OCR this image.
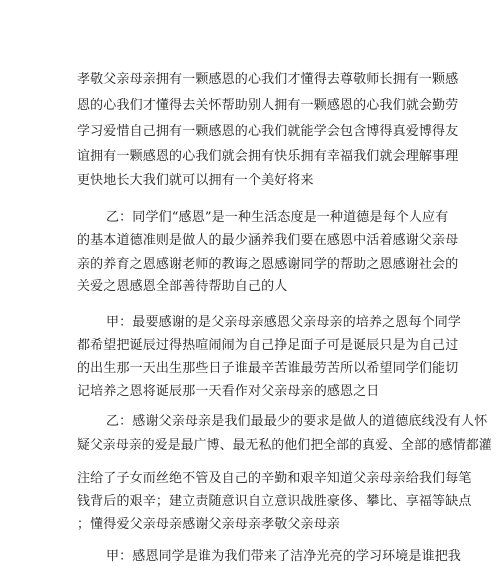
孝敬父亲母亲拥有一颗感恩的心我们才懂得去尊敬师长拥有一颗感
恩的心我们才懂得去关怀帮助别人拥有一颗感恩的心我们就会勤劳
学习爱惜自己拥有一颗感恩的心我们就能学会包含博得真爱博得友
谊拥有一颗感恩的心我们就会拥有快乐拥有幸福我们就会理解事理
更快地长大我们就可以拥有一个美好将来
乙：同学们“感恩”是一种生活态度是一种道德是每个人应有
的基本道德准则是做人的最少涵养我们要在感恩中活着感谢父亲母
亲的养育之恩感谢老师的教诲之恩感谢同学的帮助之恩感谢社会的
关爱之恩感恩全部善待帮助自己的人
甲：最要感谢的是父亲母亲感恩父亲母亲的培养之恩每个同学
都希望把诞辰过得热喧闹闹为自己挣足面子可是诞辰只是为自己过
的出生那一天出生那些日子谁最辛苦谁最劳苦所以希望同学们能切
记培养之恩将诞辰那一天看作对父亲母亲的感恩之日
乙：感谢父亲母亲是我们最最少的要求是做人的道德底线没有人怀
疑父亲母亲的爱是最广博、最无私的他们把全部的真爱、全部的感情都灌
注给了子女而丝绝不管及自己的辛勤和艰辛知道父亲母亲给我们每笔
钱背后的艰辛；建立责随意识自立意识战胜豪侈、攀比、享福等缺点
；懂得爱父亲母亲感谢父亲母亲孝敬父亲母亲
甲：感恩同学是谁为我们带来了洁净光亮的学习环境是谁把我
